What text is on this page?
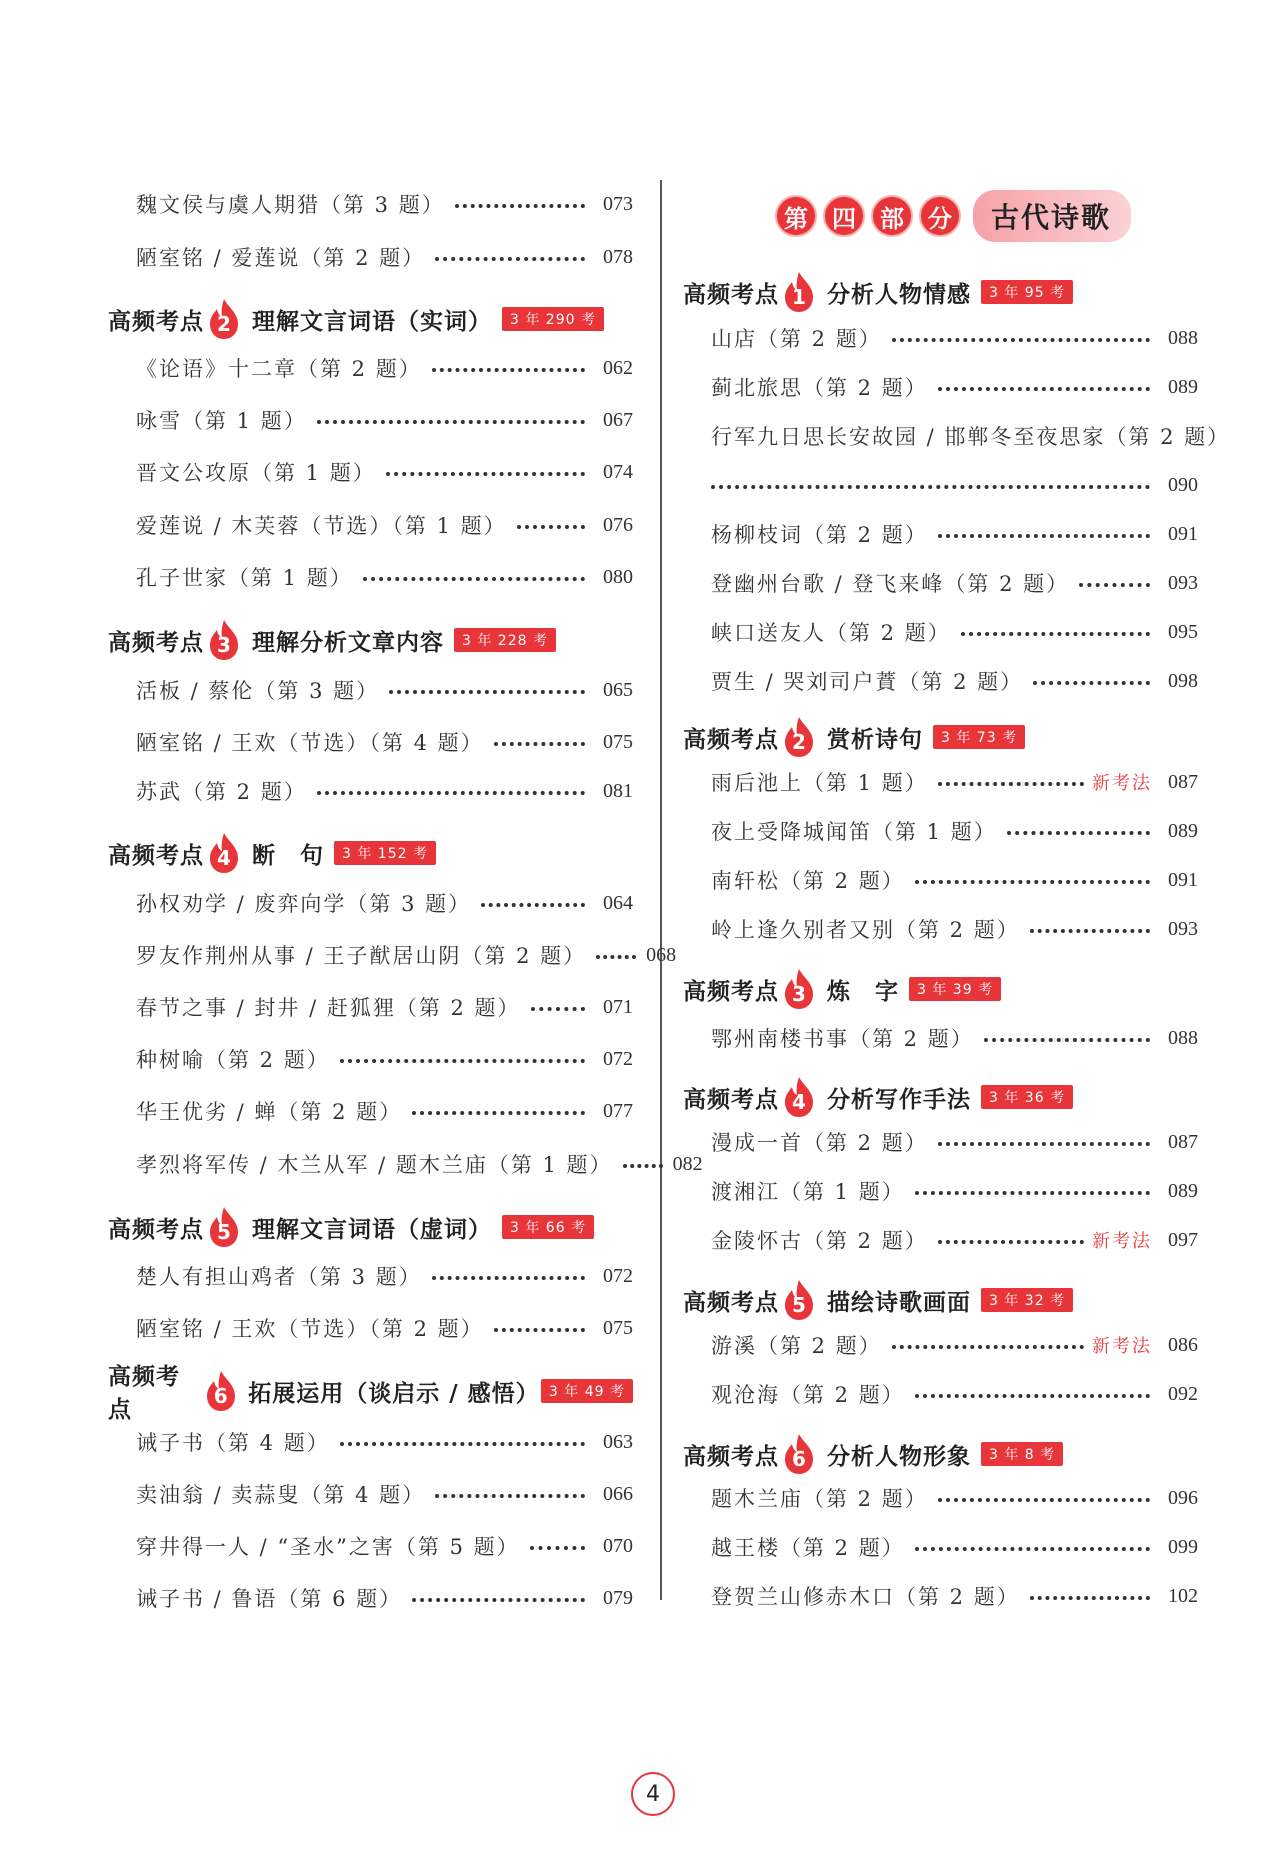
第	四	部	分	古代诗歌
魏文侯与虞人期猎（第 3 题）	073
陋室铭 / 爱莲说（第 2 题）	078
高频考点 2 理解文言词语（实词）	3 年 290 考
《论语》十二章（第 2 题）	062
咏雪（第 1 题）	067
晋文公攻原（第 1 题）	074
爱莲说 / 木芙蓉（节选）（第 1 题）	076
孔子世家（第 1 题）	080
高频考点 3 理解分析文章内容	3 年 228 考
活板 / 蔡伦（第 3 题）	065
陋室铭 / 王欢（节选）（第 4 题）	075
苏武（第 2 题）	081
高频考点 4 断　句	3 年 152 考
孙权劝学 / 废弈向学（第 3 题）	064
罗友作荆州从事 / 王子猷居山阴（第 2 题）	068
春节之事 / 封井 / 赶狐狸（第 2 题）	071
种树喻（第 2 题）	072
华王优劣 / 蝉（第 2 题）	077
孝烈将军传 / 木兰从军 / 题木兰庙（第 1 题）	082
高频考点 5 理解文言词语（虚词）	3 年 66 考
楚人有担山鸡者（第 3 题）	072
陋室铭 / 王欢（节选）（第 2 题）	075
高频考点
6 拓展运用（谈启示 / 感悟） 3 年 49 考
诫子书（第 4 题）	063
卖油翁 / 卖蒜叟（第 4 题）	066
穿井得一人 / “圣水”之害（第 5 题）	070
诫子书 / 鲁语（第 6 题）	079
高频考点 1 分析人物情感	3 年 95 考
山店（第 2 题）	088
蓟北旅思（第 2 题）	089
行军九日思长安故园 / 邯郸冬至夜思家（第 2 题）
090
杨柳枝词（第 2 题）	091
登幽州台歌 / 登飞来峰（第 2 题）	093
峡口送友人（第 2 题）	095
贾生 / 哭刘司户蕡（第 2 题）	098
高频考点 2 赏析诗句	3 年 73 考
雨后池上（第 1 题）	新考法 087
夜上受降城闻笛（第 1 题）	089
南轩松（第 2 题）	091
岭上逢久别者又别（第 2 题）	093
高频考点 3 炼　字	3 年 39 考
鄂州南楼书事（第 2 题）	088
高频考点 4 分析写作手法	3 年 36 考
漫成一首（第 2 题）	087
渡湘江（第 1 题）	089
金陵怀古（第 2 题）	新考法 097
高频考点 5 描绘诗歌画面	3 年 32 考
游溪（第 2 题）	新考法 086
观沧海（第 2 题）	092
高频考点 6 分析人物形象	3 年 8 考
题木兰庙（第 2 题）	096
越王楼（第 2 题）	099
登贺兰山修赤木口（第 2 题）	102
4
